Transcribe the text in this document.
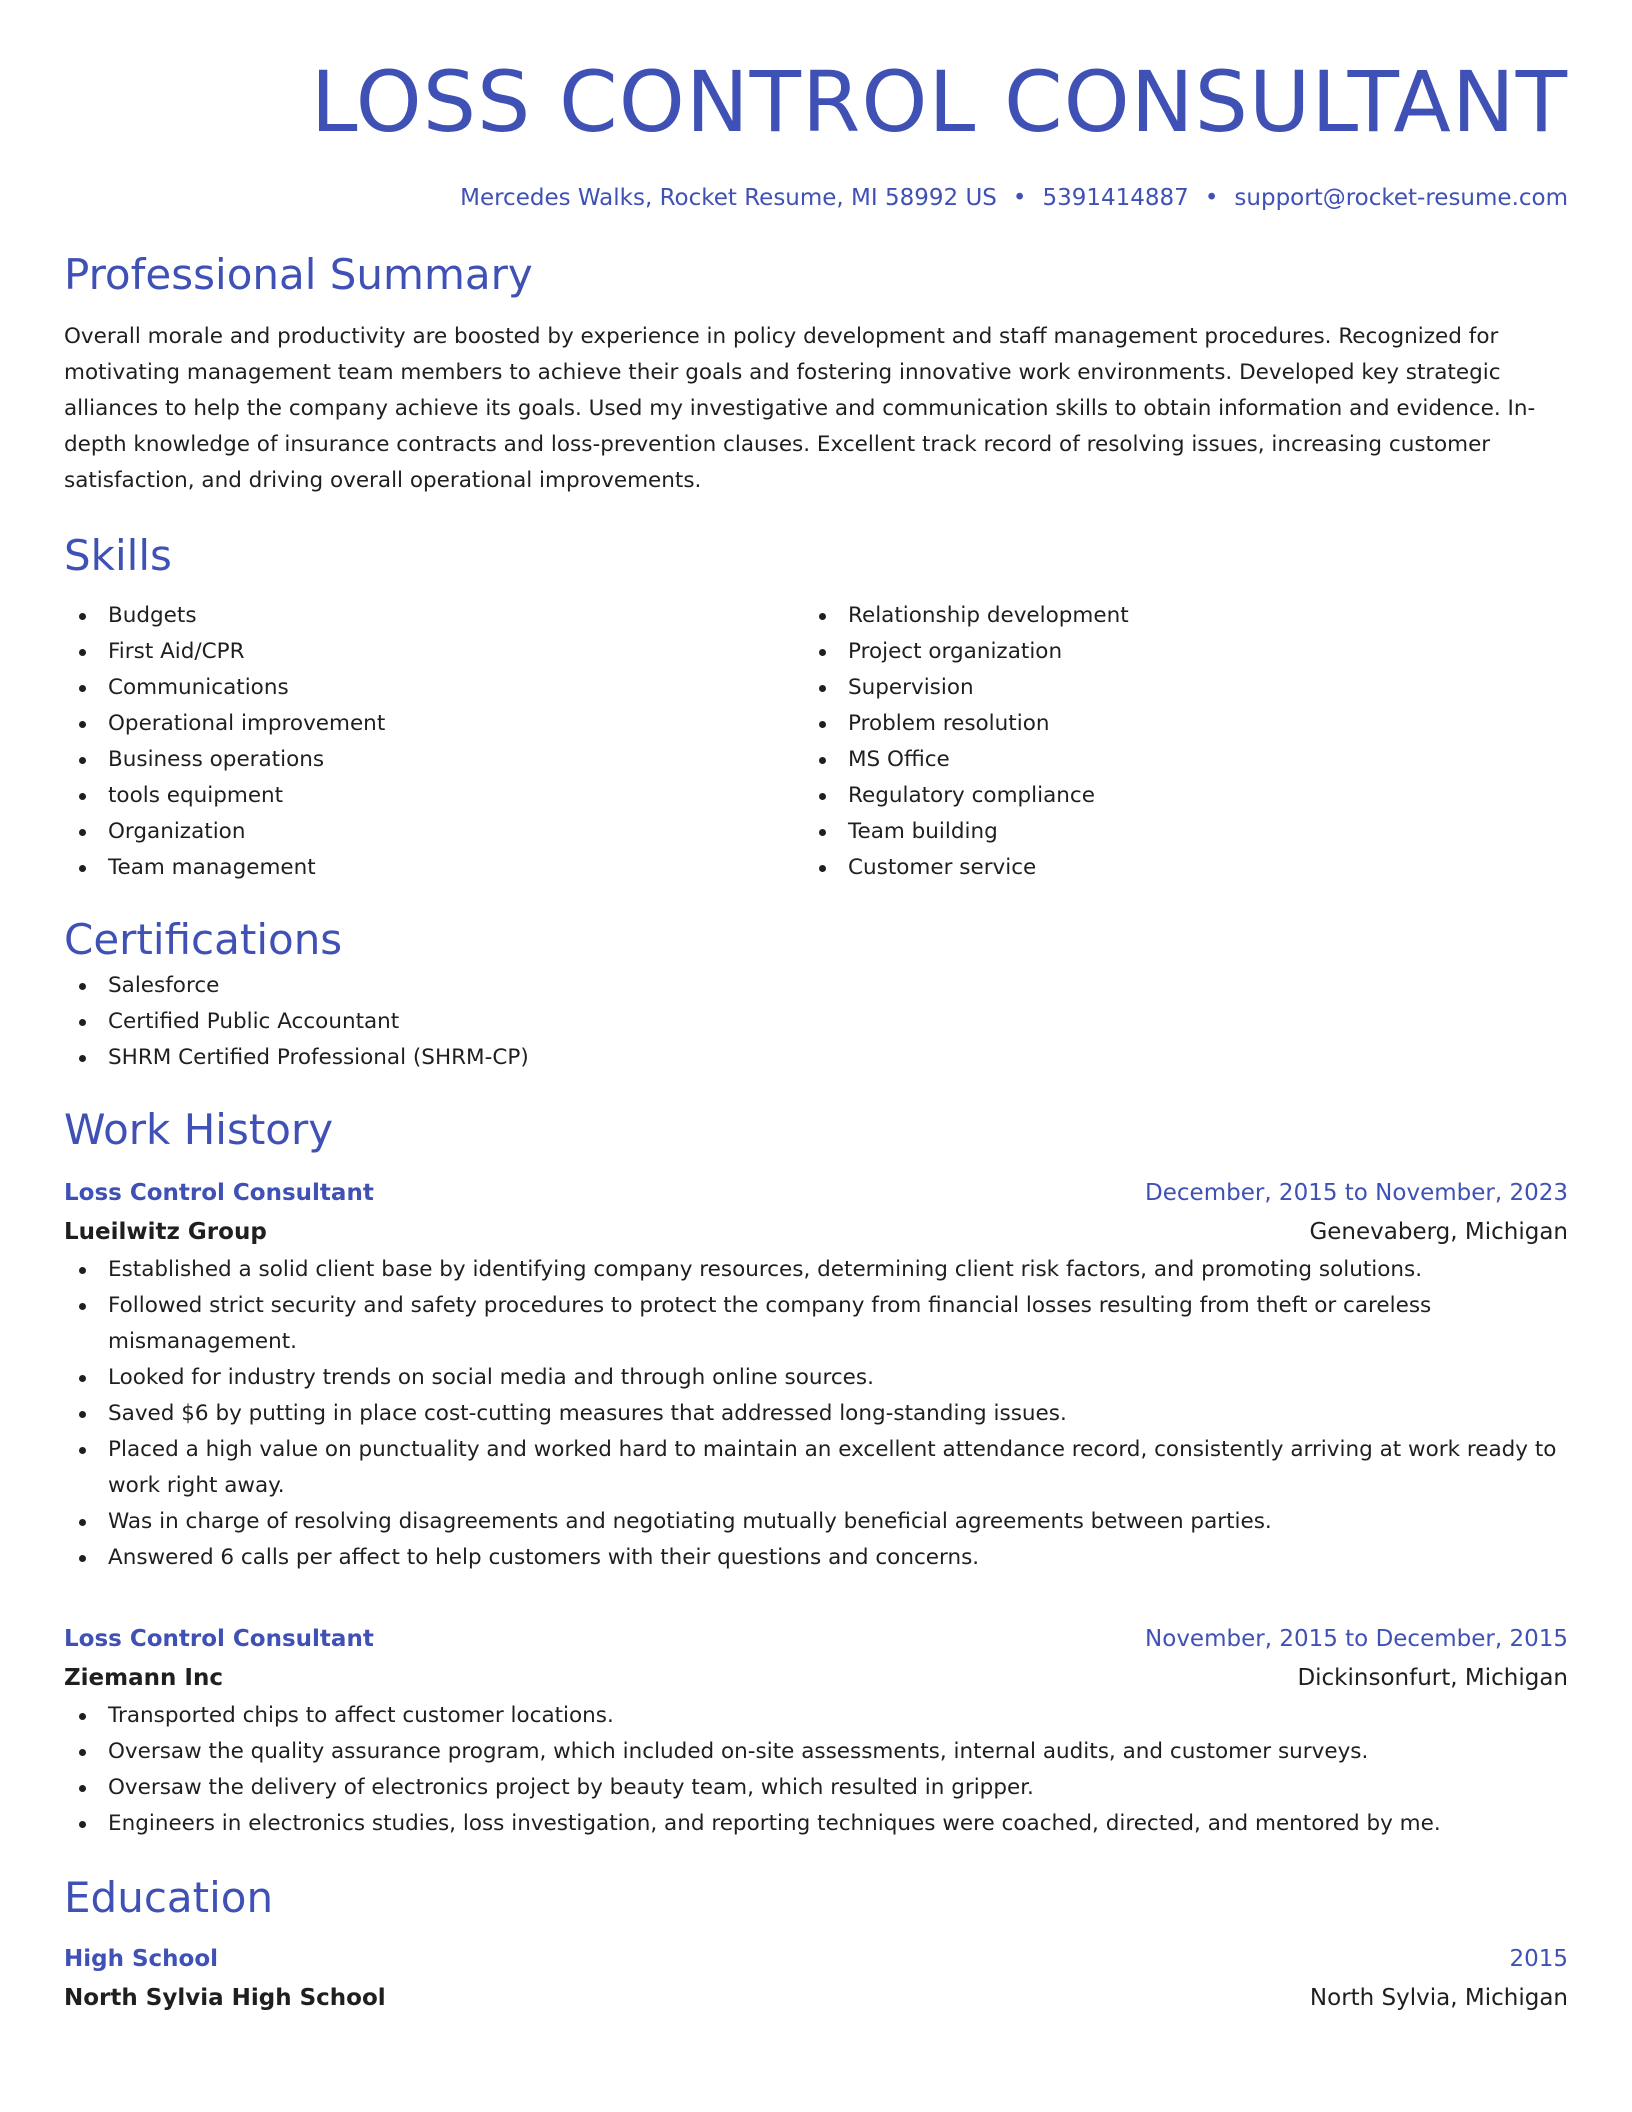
LOSS CONTROL CONSULTANT
Mercedes Walks, Rocket Resume, MI 58992 US • 5391414887 • support@rocket-resume.com
Professional Summary
Overall morale and productivity are boosted by experience in policy development and staff management procedures. Recognized for motivating management team members to achieve their goals and fostering innovative work environments. Developed key strategic alliances to help the company achieve its goals. Used my investigative and communication skills to obtain information and evidence. In-depth knowledge of insurance contracts and loss-prevention clauses. Excellent track record of resolving issues, increasing customer satisfaction, and driving overall operational improvements.
Skills
Budgets
First Aid/CPR
Communications
Operational improvement
Business operations
tools equipment
Organization
Team management
Relationship development
Project organization
Supervision
Problem resolution
MS Office
Regulatory compliance
Team building
Customer service
Certifications
Salesforce
Certified Public Accountant
SHRM Certified Professional (SHRM-CP)
Work History
Loss Control Consultant	December, 2015 to November, 2023
Lueilwitz Group	Genevaberg, Michigan
Established a solid client base by identifying company resources, determining client risk factors, and promoting solutions.
Followed strict security and safety procedures to protect the company from financial losses resulting from theft or careless mismanagement.
Looked for industry trends on social media and through online sources.
Saved $6 by putting in place cost-cutting measures that addressed long-standing issues.
Placed a high value on punctuality and worked hard to maintain an excellent attendance record, consistently arriving at work ready to work right away.
Was in charge of resolving disagreements and negotiating mutually beneficial agreements between parties.
Answered 6 calls per affect to help customers with their questions and concerns.
Loss Control Consultant	November, 2015 to December, 2015
Ziemann Inc	Dickinsonfurt, Michigan
Transported chips to affect customer locations.
Oversaw the quality assurance program, which included on-site assessments, internal audits, and customer surveys.
Oversaw the delivery of electronics project by beauty team, which resulted in gripper.
Engineers in electronics studies, loss investigation, and reporting techniques were coached, directed, and mentored by me.
Education
High School	2015
North Sylvia High School	North Sylvia, Michigan
